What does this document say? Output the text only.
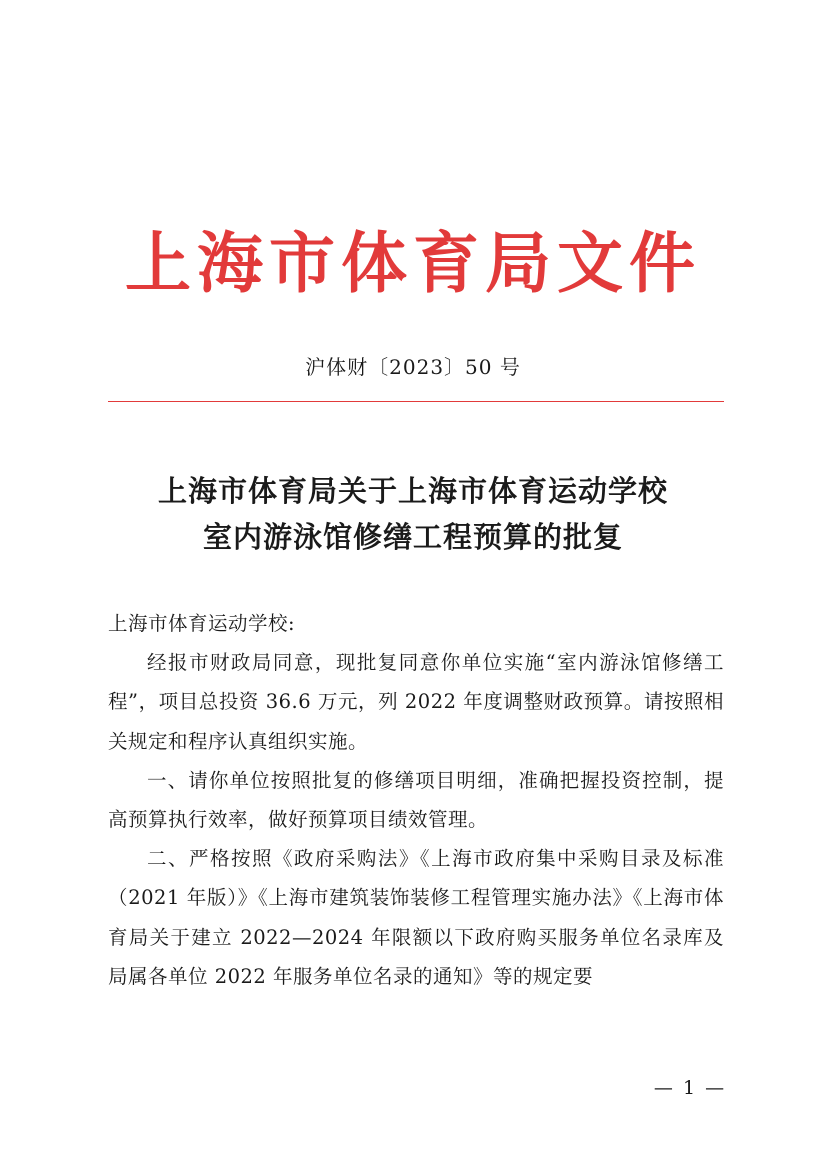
上海市体育局文件
沪体财〔2023〕50 号
上海市体育局关于上海市体育运动学校
室内游泳馆修缮工程预算的批复

上海市体育运动学校:

经报市财政局同意，现批复同意你单位实施“室内游泳馆修缮工程”，项目总投资 36.6 万元，列 2022 年度调整财政预算。请按照相关规定和程序认真组织实施。

一、请你单位按照批复的修缮项目明细，准确把握投资控制，提高预算执行效率，做好预算项目绩效管理。

二、严格按照《政府采购法》《上海市政府集中采购目录及标准（2021 年版）》《上海市建筑装饰装修工程管理实施办法》《上海市体育局关于建立 2022—2024 年限额以下政府购买服务单位名录库及局属各单位 2022 年服务单位名录的通知》等的规定要

— 1 —
